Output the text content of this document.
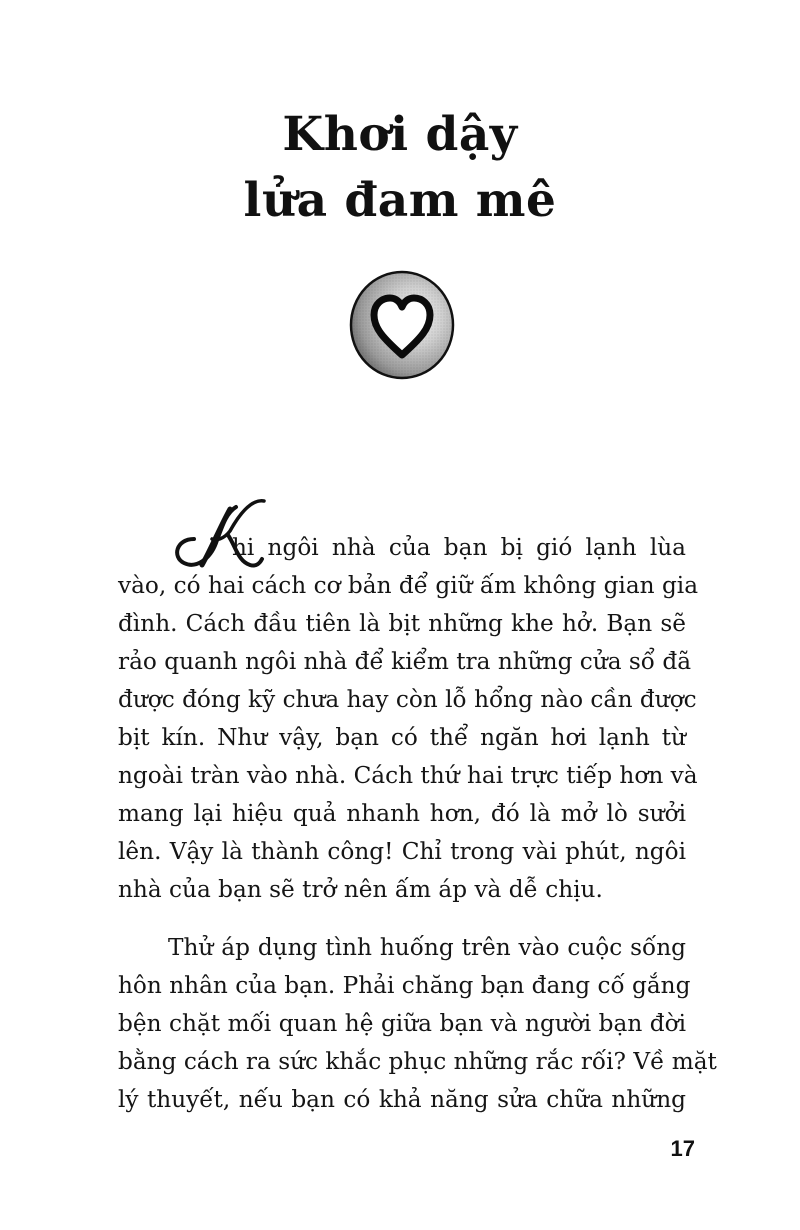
Khơi dậy
lửa đam mê
K
hi ngôi nhà của bạn bị gió lạnh lùa
vào, có hai cách cơ bản để giữ ấm không gian gia
đình. Cách đầu tiên là bịt những khe hở. Bạn sẽ
rảo quanh ngôi nhà để kiểm tra những cửa sổ đã
được đóng kỹ chưa hay còn lỗ hổng nào cần được
bịt kín. Như vậy, bạn có thể ngăn hơi lạnh từ
ngoài tràn vào nhà. Cách thứ hai trực tiếp hơn và
mang lại hiệu quả nhanh hơn, đó là mở lò sưởi
lên. Vậy là thành công! Chỉ trong vài phút, ngôi
nhà của bạn sẽ trở nên ấm áp và dễ chịu.
Thử áp dụng tình huống trên vào cuộc sống
hôn nhân của bạn. Phải chăng bạn đang cố gắng
bện chặt mối quan hệ giữa bạn và người bạn đời
bằng cách ra sức khắc phục những rắc rối? Về mặt
lý thuyết, nếu bạn có khả năng sửa chữa những
17
